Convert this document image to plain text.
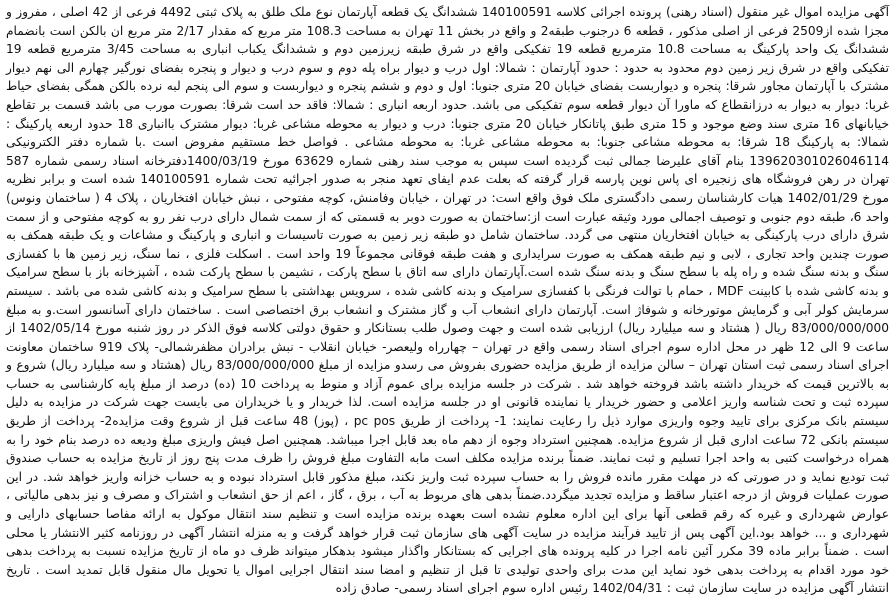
آگهی مزایده اموال غیر منقول (اسناد رهنی) پرونده اجرائی کلاسه 140100591 ششدانگ یک قطعه آپارتمان نوع ملک طلق به پلاک ثبتی 4492 فرعی از 42 اصلی ، مفروز و مجزا شده از2509 فرعی از اصلی مذکور ، قطعه 6 درجنوب طبقه2 و واقع در بخش 11 تهران به مساحت 108.3 متر مربع که مقدار 2/17 متر مربع ان بالکن است بانضمام ششدانگ یک واحد پارکینگ به مساحت 10.8 مترمربع قطعه 19 تفکیکی واقع در شرق طبقه زیرزمین دوم و ششدانگ یکباب انباری به مساحت 3/45 مترمربع قطعه 19 تفکیکی واقع در شرق زیر زمین دوم محدود به حدود : حدود آپارتمان : شمالا: اول درب و دیوار براه پله دوم و سوم درب و دیوار و پنجره بفضای نورگیر چهارم الی نهم دیوار مشترک با آپارتمان مجاور شرقا: پنجره و دیواربست بفضای خیابان 20 متری جنوبا: اول و دوم و ششم پنجره و دیواربست و سوم الی پنجم لبه نرده بالکن همگی بفضای حیاط غربا: دیوار به دیوار به درزانقطاع که ماورا آن دیوار قطعه سوم تفکیکی می باشد. حدود اربعه انباری : شمالا: فاقد حد است شرقا: بصورت مورب می باشد قسمت بر تقاطع خیابانهای 16 متری سند وضع موجود و 15 متری طبق پاتانکار خیابان 20 متری جنوبا: درب و دیوار به محوطه مشاعی غربا: دیوار مشترک باانباری 18 حدود اربعه پارکینگ : شمالا: به پارکینگ 18 شرقا: به محوطه مشاعی جنوبا: به محوطه مشاعی غربا: به محوطه مشاعی . فواصل خط مستقیم مفروض است .با شماره دفتر الکترونیکی 139620301026046114 بنام آقای علیرضا جمالی ثبت گردیده است سپس به موجب سند رهنی شماره 63629 مورخ 1400/03/19دفترخانه اسناد رسمی شماره 587 تهران در رهن فروشگاه های زنجیره ای پاس نوین پارسه قرار گرفته که بعلت عدم ایفای تعهد منجر به صدور اجرائیه تحت شماره 140100591 شده است و برابر نظریه مورخ 1402/01/29 هیات کارشناسان رسمی دادگستری ملک فوق واقع است: در تهران ، خیابان وفامنش، کوچه مفتوحی ، نبش خیابان افتخاریان ، پلاک 4 ( ساختمان ونوس) واحد 6، طبقه دوم جنوبی و توصیف اجمالی مورد وثیقه عبارت است از:ساختمان به صورت دوبر به قسمتی که از سمت شمال دارای درب نفر رو به کوچه مفتوحی و از سمت شرق دارای درب پارکینگی به خیابان افتخاریان منتهی می گردد. ساختمان شامل دو طبقه زیر زمین به صورت تاسیسات و انباری و پارکینگ و مشاعات و یک طبقه همکف به صورت چندین واحد تجاری ، لابی و نیم طبقه همکف به صورت سرایداری و هفت طبقه فوقانی مجموعاً 19 واحد است . اسکلت فلزی ، نما سنگ، زیر زمین ها با کفسازی سنگ و بدنه سنگ شده و راه پله با سطح سنگ و بدنه سنگ شده است.آپارتمان دارای سه اتاق با سطح پارکت ، نشیمن با سطح پارکت شده ، آشپزخانه باز با سطح سرامیک و بدنه کاشی شده با کابینت MDF ، حمام با توالت فرنگی با کفسازی سرامیک و بدنه کاشی شده ، سرویس بهداشتی با سطح سرامیک و بدنه کاشی شده می باشد . سیستم سرمایش کولر آبی و گرمایش موتورخانه و شوفاژ است. آپارتمان دارای انشعاب آب و گاز مشترک و انشعاب برق اختصاصی است . ساختمان دارای آسانسور است.و به مبلغ 83/000/000/000 ریال ( هشتاد و سه میلیارد ریال) ارزیابی شده است و جهت وصول طلب بستانکار و حقوق دولتی کلاسه فوق الذکر در روز شنبه مورخ 1402/05/14 از ساعت 9 الی 12 ظهر در محل اداره سوم اجرای اسناد رسمی واقع در تهران – چهارراه ولیعصر- خیابان انقلاب - نبش برادران مظفرشمالی- پلاک 919 ساختمان معاونت اجرای اسناد رسمی ثبت استان تهران – سالن مزایده از طریق مزایده حضوری بفروش می رسدو مزایده از مبلغ 83/000/000/000 ریال (هشتاد و سه میلیارد ریال) شروع و به بالاترین قیمت که خریدار داشته باشد فروخته خواهد شد . شرکت در جلسه مزایده برای عموم آزاد و منوط به پرداخت 10 (ده) درصد از مبلغ پایه کارشناسی به حساب سپرده ثبت و تحت شناسه واریز اعلامی و حضور خریدار یا نماینده قانونی او در جلسه مزایده است. لذا خریدار و یا خریداران می بایست جهت شرکت در مزایده به دلیل سیستم بانک مرکزی برای تایید وجوه واریزی موارد ذیل را رعایت نمایند: 1- پرداخت از طریق pc pos ، (پوز) 48 ساعت قبل از شروع وقت مزایده2- پرداخت از طریق سیستم بانکی 72 ساعت اداری قبل از شروع مزایده. همچنین استرداد وجوه از دهم ماه بعد قابل اجرا میباشد. همچنین اصل فیش واریزی مبلغ ودیعه ده درصد بنام خود را به همراه درخواست کتبی به واحد اجرا تسلیم و ثبت نمایند. ضمناً برنده مزایده مکلف است مابه التفاوت مبلغ فروش را ظرف مدت پنج روز از تاریخ مزایده به حساب صندوق ثبت تودیع نماید و در صورتی که در مهلت مقرر مانده فروش را به حساب سپرده ثبت واریز نکند، مبلغ مذکور قابل استرداد نبوده و به حساب خزانه واریز خواهد شد. در این صورت عملیات فروش از درجه اعتبار ساقط و مزایده تجدید میگردد.ضمناً بدهی های مربوط به آب ، برق ، گاز ، اعم از حق انشعاب و اشتراک و مصرف و نیز بدهی مالیاتی ، عوارض شهرداری و غیره که رقم قطعی آنها برای این اداره معلوم نشده است بعهده برنده مزایده است و تنظیم سند انتقال موکول به ارائه مفاصا حسابهای دارایی و شهرداری و ... خواهد بود.این آگهی پس از تایید فرآیند مزایده در سایت آگهی های سازمان ثبت قرار خواهد گرفت و به منزله انتشار آگهی در روزنامه کثیر الانتشار یا محلی است . ضمناً برابر ماده 39 مکرر آئین نامه اجرا در کلیه پرونده های اجرایی که بستانکار واگذار میشود بدهکار میتواند ظرف دو ماه از تاریخ مزایده نسبت به پرداخت بدهی خود مورد اقدام به پرداخت بدهی خود نماید این مدت برای واحدی تولیدی تا قبل از تنظیم و امضا سند انتقال اجرایی اموال یا تحویل مال منقول قابل تمدید است . تاریخ انتشار آگهی مزایده در سایت سازمان ثبت : 1402/04/31 رئیس اداره سوم اجرای اسناد رسمی- صادق زاده
